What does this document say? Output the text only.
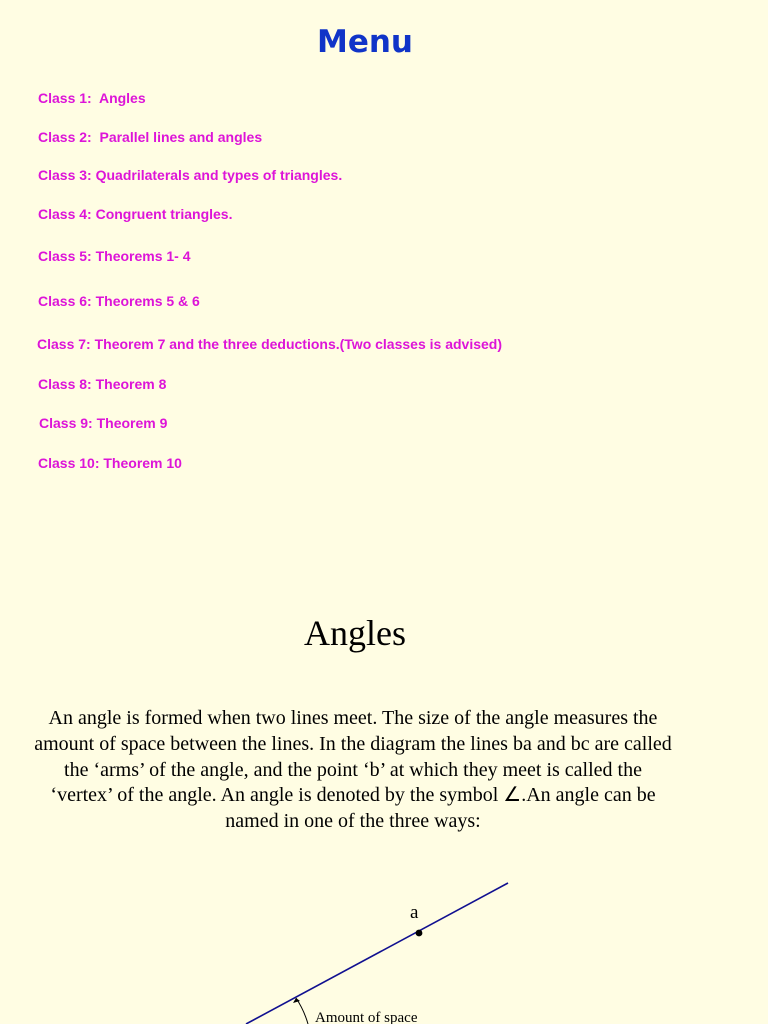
Menu
Class 1:  Angles
Class 2:  Parallel lines and angles
Class 3: Quadrilaterals and types of triangles.
Class 4: Congruent triangles.
Class 5: Theorems 1- 4
Class 6: Theorems 5 & 6
Class 7: Theorem 7 and the three deductions.(Two classes is advised)
Class 8: Theorem 8
Class 9: Theorem 9
Class 10: Theorem 10
Angles

An angle is formed when two lines meet. The size of the angle measures the amount of space between the lines. In the diagram the lines ba and bc are called the ‘arms’ of the angle, and the point ‘b’ at which they meet is called the ‘vertex’ of the angle. An angle is denoted by the symbol ∠.An angle can be named in one of the three ways:

a
Amount of space
